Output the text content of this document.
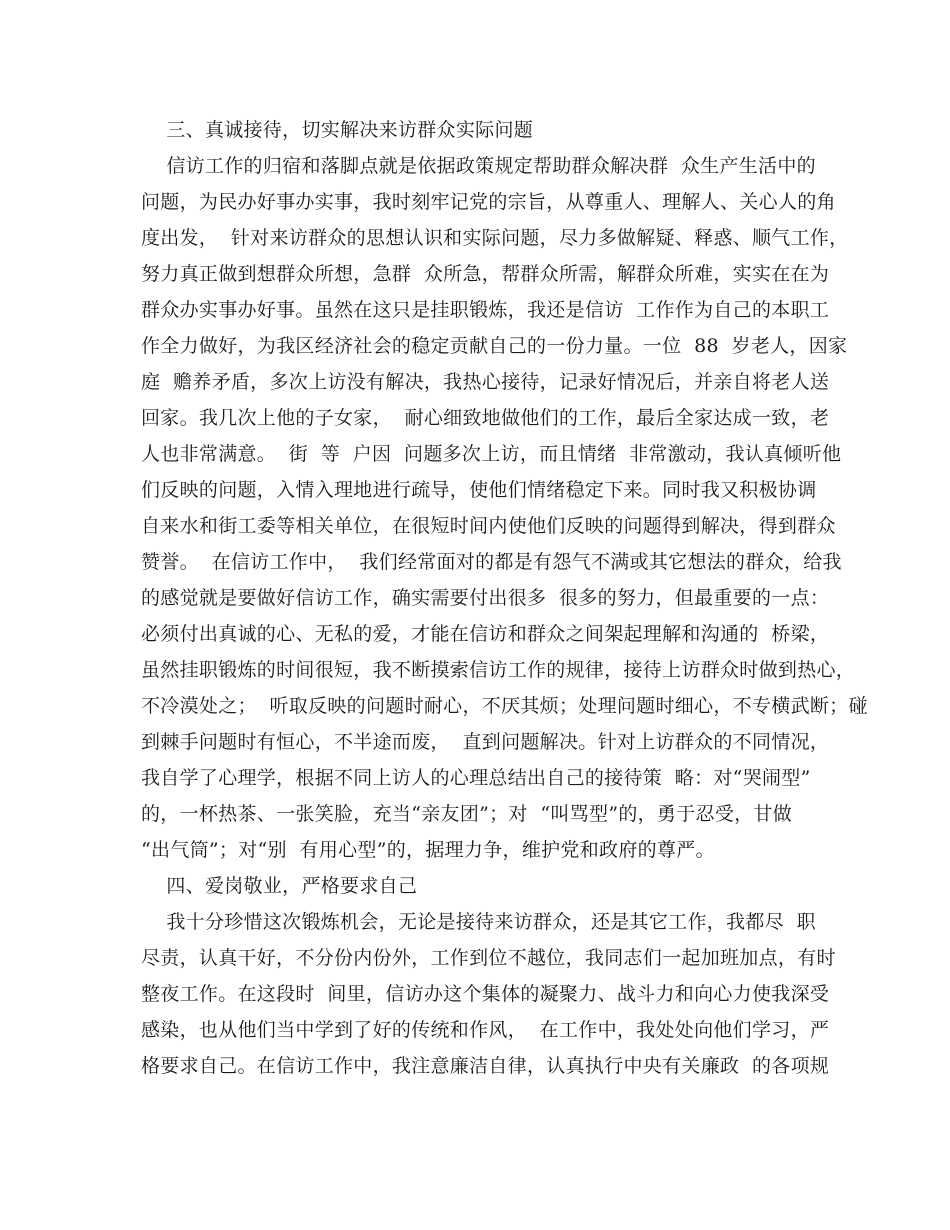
三、真诚接待，切实解决来访群众实际问题
信访工作的归宿和落脚点就是依据政策规定帮助群众解决群  众生产生活中的
问题，为民办好事办实事，我时刻牢记党的宗旨，从尊重人、理解人、关心人的角
度出发，  针对来访群众的思想认识和实际问题，尽力多做解疑、释惑、顺气工作，
努力真正做到想群众所想，急群  众所急，帮群众所需，解群众所难，实实在在为
群众办实事办好事。虽然在这只是挂职锻炼，我还是信访  工作作为自己的本职工
作全力做好，为我区经济社会的稳定贡献自己的一份力量。一位  88  岁老人，因家
庭  赡养矛盾，多次上访没有解决，我热心接待，记录好情况后，并亲自将老人送
回家。我几次上他的子女家，  耐心细致地做他们的工作，最后全家达成一致，老
人也非常满意。  街  等  户因  问题多次上访，而且情绪  非常激动，我认真倾听他
们反映的问题，入情入理地进行疏导，使他们情绪稳定下来。同时我又积极协调
自来水和街工委等相关单位，在很短时间内使他们反映的问题得到解决，得到群众
赞誉。  在信访工作中，  我们经常面对的都是有怨气不满或其它想法的群众，给我
的感觉就是要做好信访工作，确实需要付出很多  很多的努力，但最重要的一点：
必须付出真诚的心、无私的爱，才能在信访和群众之间架起理解和沟通的  桥梁，
虽然挂职锻炼的时间很短，我不断摸索信访工作的规律，接待上访群众时做到热心，
不冷漠处之；  听取反映的问题时耐心，不厌其烦；处理问题时细心，不专横武断；碰
到棘手问题时有恒心，不半途而废，  直到问题解决。针对上访群众的不同情况，
我自学了心理学，根据不同上访人的心理总结出自己的接待策  略：对“哭闹型”
的，一杯热茶、一张笑脸，充当“亲友团”；对  “叫骂型”的，勇于忍受，甘做
“出气筒”；对“别  有用心型”的，据理力争，维护党和政府的尊严。
四、爱岗敬业，严格要求自己
我十分珍惜这次锻炼机会，无论是接待来访群众，还是其它工作，我都尽  职
尽责，认真干好，不分份内份外，工作到位不越位，我同志们一起加班加点，有时
整夜工作。在这段时  间里，信访办这个集体的凝聚力、战斗力和向心力使我深受
感染，也从他们当中学到了好的传统和作风，  在工作中，我处处向他们学习，严
格要求自己。在信访工作中，我注意廉洁自律，认真执行中央有关廉政  的各项规
